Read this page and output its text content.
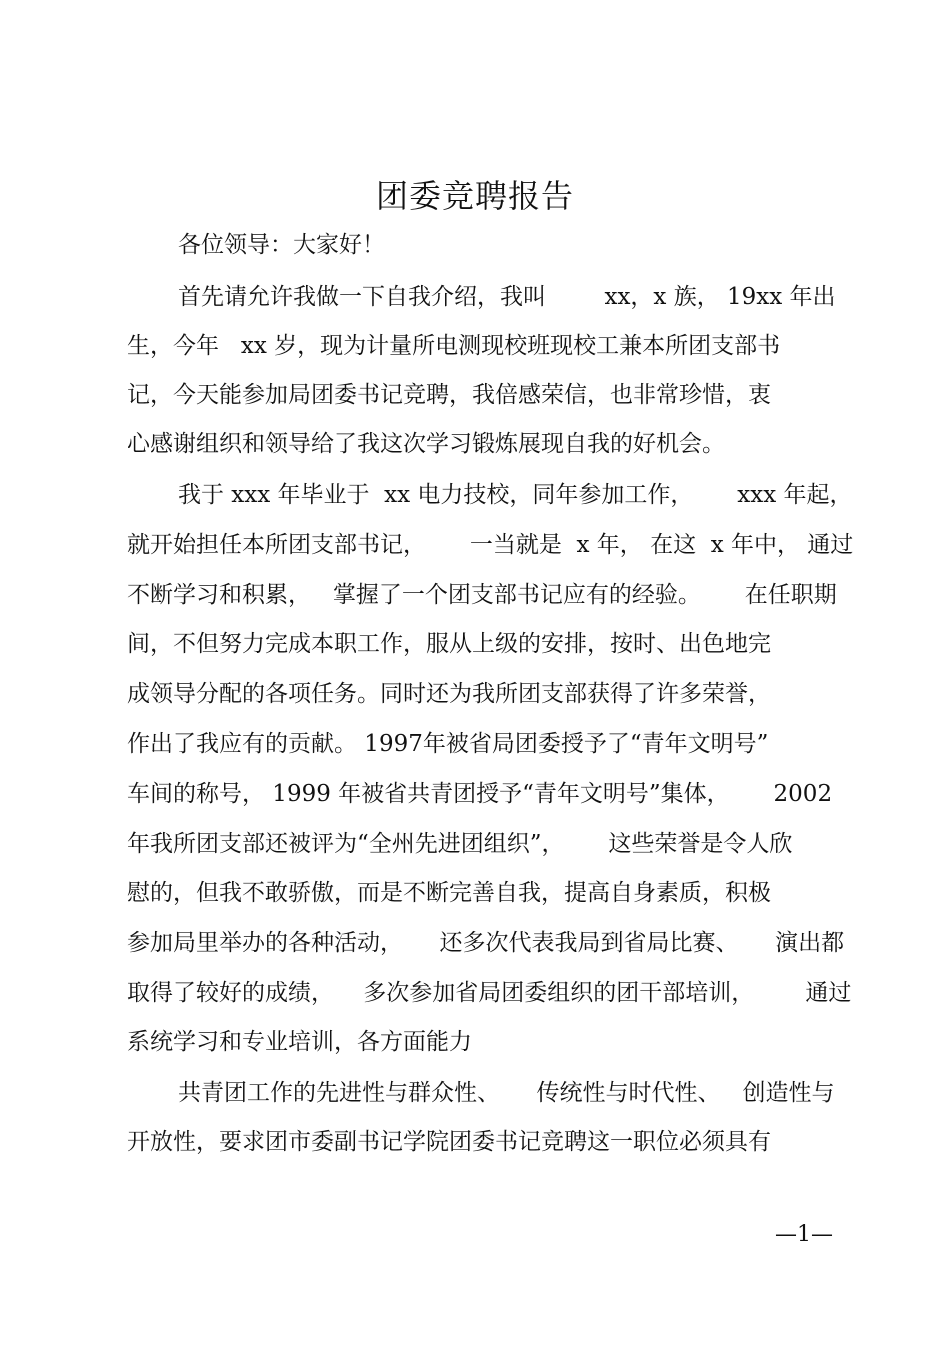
团委竞聘报告
各位领导：大家好！
首先请允许我做一下自我介绍，我叫        xx，x 族， 19xx 年出
生，今年   xx 岁，现为计量所电测现校班现校工兼本所团支部书
记，今天能参加局团委书记竞聘，我倍感荣信，也非常珍惜，衷
心感谢组织和领导给了我这次学习锻炼展现自我的好机会。
我于 xxx 年毕业于  xx 电力技校，同年参加工作，      xxx 年起，
就开始担任本所团支部书记，      一当就是  x 年， 在这  x 年中， 通过
不断学习和积累，   掌握了一个团支部书记应有的经验。      在任职期
间，不但努力完成本职工作，服从上级的安排，按时、出色地完
成领导分配的各项任务。同时还为我所团支部获得了许多荣誉，
作出了我应有的贡献。 1997年被省局团委授予了“青年文明号”
车间的称号， 1999 年被省共青团授予“青年文明号”集体，      2002
年我所团支部还被评为“全州先进团组织”，      这些荣誉是令人欣
慰的，但我不敢骄傲，而是不断完善自我，提高自身素质，积极
参加局里举办的各种活动，     还多次代表我局到省局比赛、     演出都
取得了较好的成绩，    多次参加省局团委组织的团干部培训，       通过
系统学习和专业培训，各方面能力
共青团工作的先进性与群众性、     传统性与时代性、   创造性与
开放性，要求团市委副书记学院团委书记竞聘这一职位必须具有
—1—
